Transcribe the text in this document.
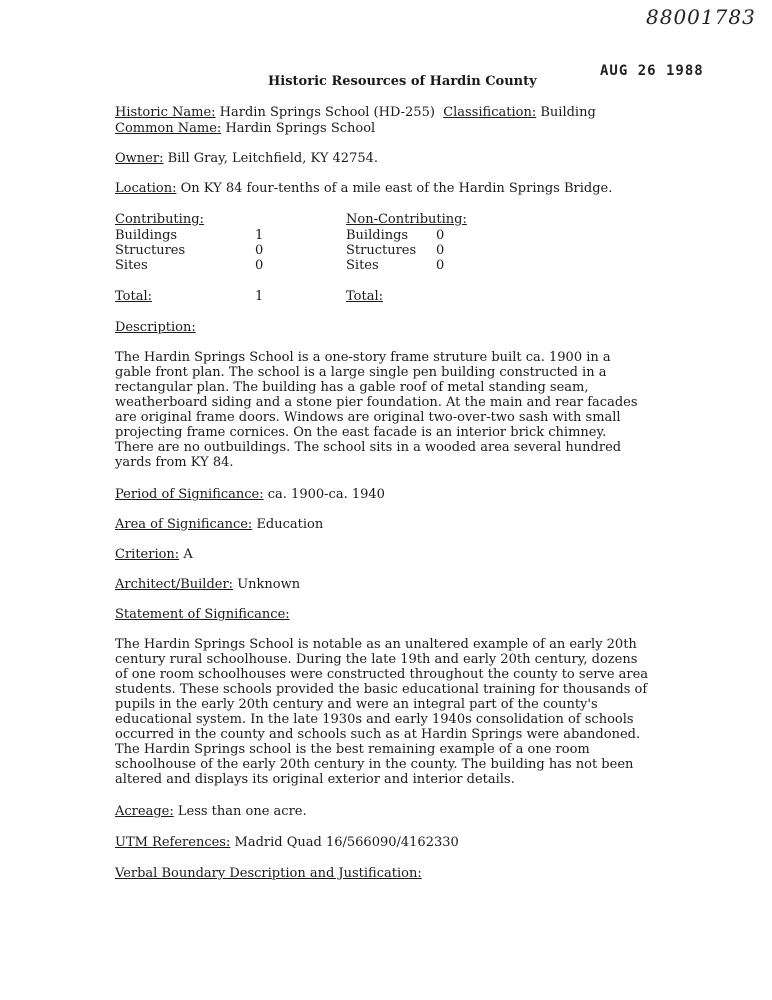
88001783
AUG 26 1988
Historic Resources of Hardin County
Historic Name: Hardin Springs School (HD-255) Classification: Building
Common Name: Hardin Springs School
Owner: Bill Gray, Leitchfield, KY 42754.
Location: On KY 84 four-tenths of a mile east of the Hardin Springs Bridge.
Contributing:
Buildings	1
Structures	0
Sites	0
Total:	1
Non-Contributing:
Buildings 0
Structures 0
Sites	0
Total:
Description:
The Hardin Springs School is a one-story frame struture built ca. 1900 in a
gable front plan. The school is a large single pen building constructed in a
rectangular plan. The building has a gable roof of metal standing seam,
weatherboard siding and a stone pier foundation. At the main and rear facades
are original frame doors. Windows are original two-over-two sash with small
projecting frame cornices. On the east facade is an interior brick chimney.
There are no outbuildings. The school sits in a wooded area several hundred
yards from KY 84.
Period of Significance: ca. 1900-ca. 1940
Area of Significance: Education
Criterion: A
Architect/Builder: Unknown
Statement of Significance:
The Hardin Springs School is notable as an unaltered example of an early 20th
century rural schoolhouse. During the late 19th and early 20th century, dozens
of one room schoolhouses were constructed throughout the county to serve area
students. These schools provided the basic educational training for thousands of
pupils in the early 20th century and were an integral part of the county's
educational system. In the late 1930s and early 1940s consolidation of schools
occurred in the county and schools such as at Hardin Springs were abandoned.
The Hardin Springs school is the best remaining example of a one room
schoolhouse of the early 20th century in the county. The building has not been
altered and displays its original exterior and interior details.
Acreage: Less than one acre.
UTM References: Madrid Quad 16/566090/4162330
Verbal Boundary Description and Justification:
